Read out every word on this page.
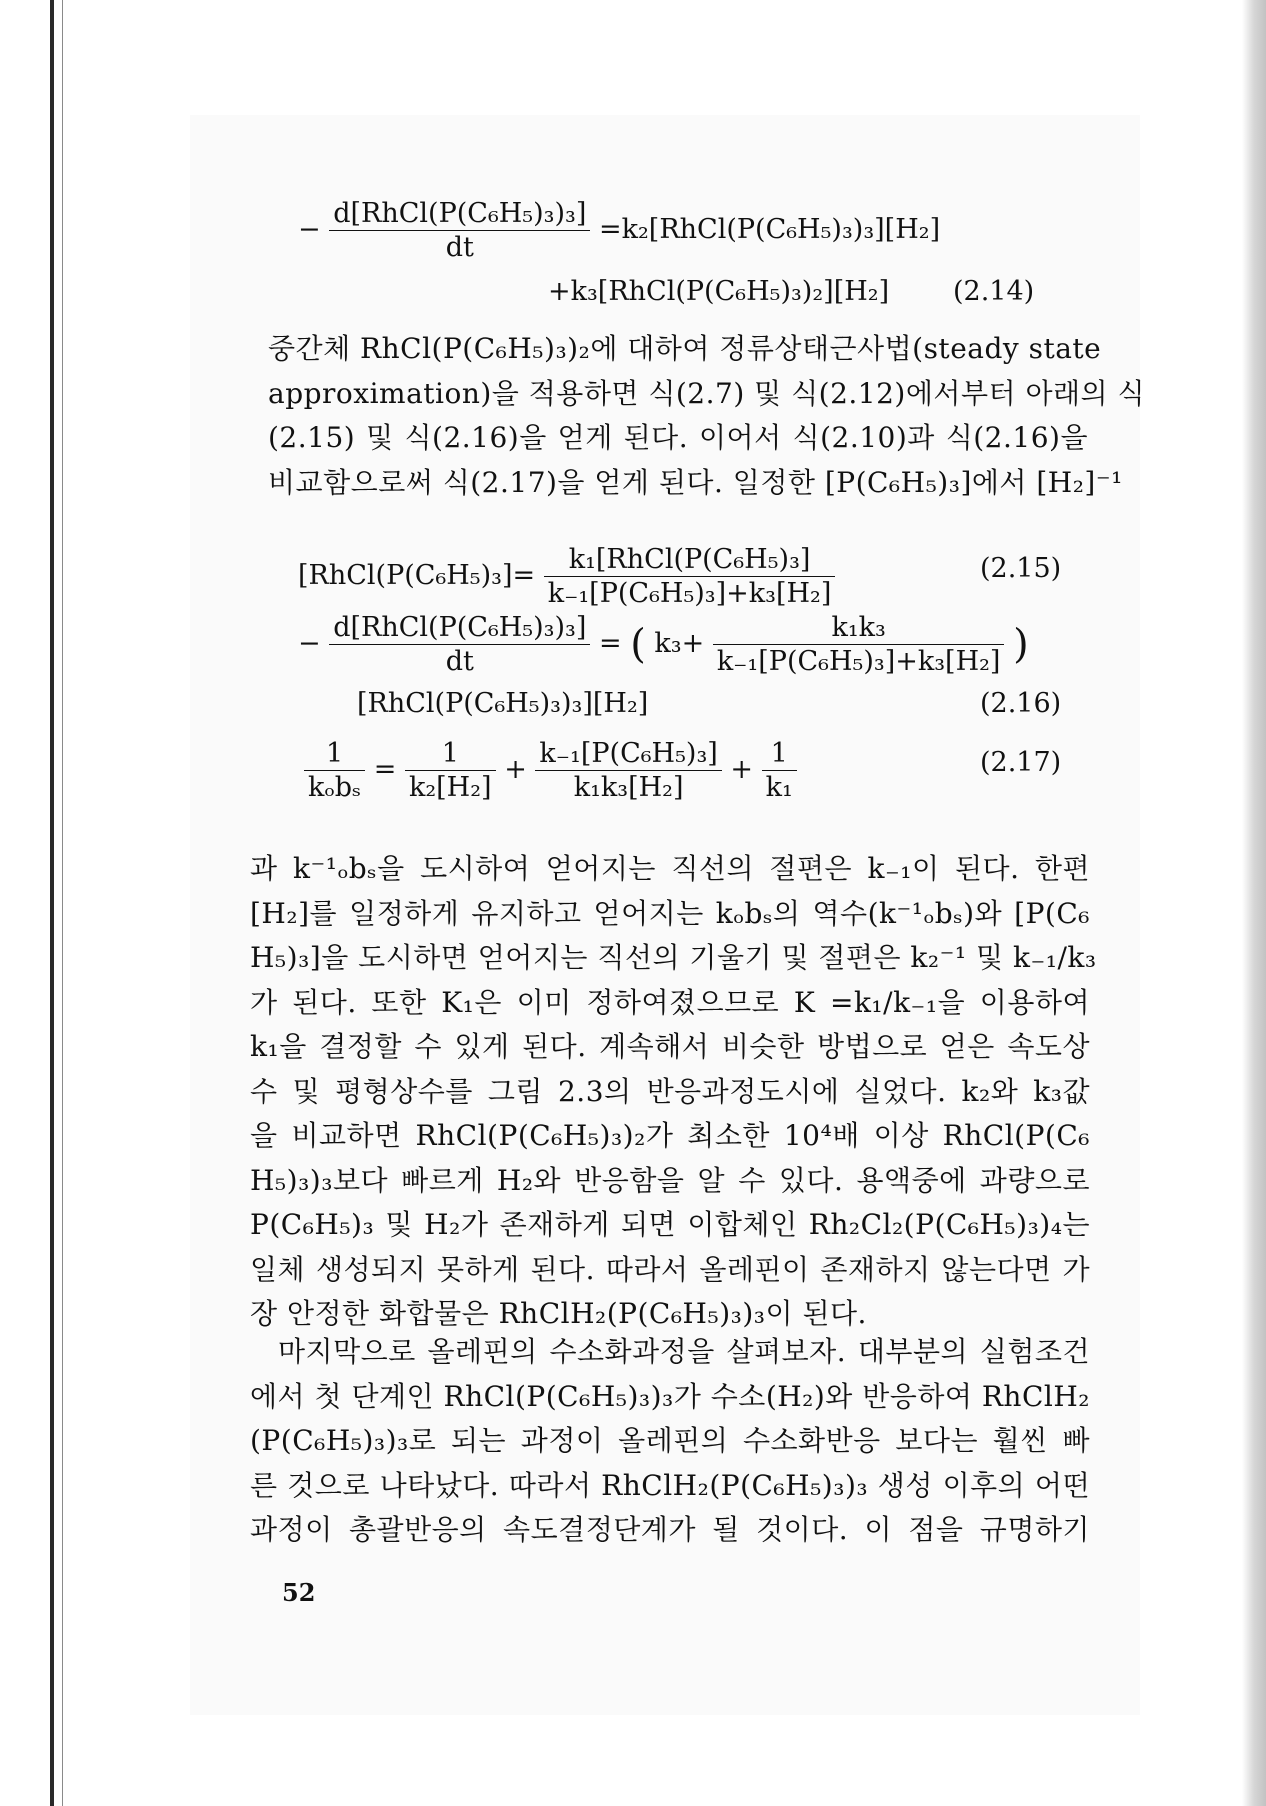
− $\frac{\text{d[RhCl(P(C₆H₅)₃)₃]}}{dt}$ =k₂[RhCl(P(C₆H₅)₃)₃][H₂]
+k₃[RhCl(P(C₆H₅)₃)₂][H₂] (2.14)
중간체 RhCl(P(C₆H₅)₃)₂에 대하여 정류상태근사법(steady state
approximation)을 적용하면 식(2.7) 및 식(2.12)에서부터 아래의 식
(2.15) 및 식(2.16)을 얻게 된다. 이어서 식(2.10)과 식(2.16)을
비교함으로써 식(2.17)을 얻게 된다. 일정한 [P(C₆H₅)₃]에서 [H₂]⁻¹
[RhCl(P(C₆H₅)₃]= $\frac{\text{k₁[RhCl(P(C₆H₅)₃]}}{\text{k₋₁[P(C₆H₅)₃]+k₃[H₂]}}$	(2.15)
− $\frac{\text{d[RhCl(P(C₆H₅)₃)₃]}}{dt}$ = ( $k_3+ \frac{\text{k₁k₃}}{\text{k₋₁[P(C₆H₅)₃]+k₃[H₂]}}$ )
[RhCl(P(C₆H₅)₃)₃][H₂]	(2.16)
$\frac{1}{\text{kₒbₛ}} = \frac{1}{\text{k₂[H₂]}} + \frac{\text{k₋₁[P(C₆H₅)₃]}}{\text{k₁k₃[H₂]}} + \frac{1}{\text{k₁}}$	(2.17)
과 k⁻¹ₒbₛ을 도시하여 얻어지는 직선의 절편은 k₋₁이 된다. 한편
[H₂]를 일정하게 유지하고 얻어지는 kₒbₛ의 역수(k⁻¹ₒbₛ)와 [P(C₆
H₅)₃]을 도시하면 얻어지는 직선의 기울기 및 절편은 k₂⁻¹ 및 k₋₁/k₃
가 된다. 또한 K₁은 이미 정하여졌으므로 K =k₁/k₋₁을 이용하여
k₁을 결정할 수 있게 된다. 계속해서 비슷한 방법으로 얻은 속도상
수 및 평형상수를 그림 2.3의 반응과정도시에 실었다. k₂와 k₃값
을 비교하면 RhCl(P(C₆H₅)₃)₂가 최소한 10⁴배 이상 RhCl(P(C₆
H₅)₃)₃보다 빠르게 H₂와 반응함을 알 수 있다. 용액중에 과량으로
P(C₆H₅)₃ 및 H₂가 존재하게 되면 이합체인 Rh₂Cl₂(P(C₆H₅)₃)₄는
일체 생성되지 못하게 된다. 따라서 올레핀이 존재하지 않는다면 가
장 안정한 화합물은 RhClH₂(P(C₆H₅)₃)₃이 된다.
마지막으로 올레핀의 수소화과정을 살펴보자. 대부분의 실험조건
에서 첫 단계인 RhCl(P(C₆H₅)₃)₃가 수소(H₂)와 반응하여 RhClH₂
(P(C₆H₅)₃)₃로 되는 과정이 올레핀의 수소화반응 보다는 훨씬 빠
른 것으로 나타났다. 따라서 RhClH₂(P(C₆H₅)₃)₃ 생성 이후의 어떤
과정이 총괄반응의 속도결정단계가 될 것이다. 이 점을 규명하기
52
